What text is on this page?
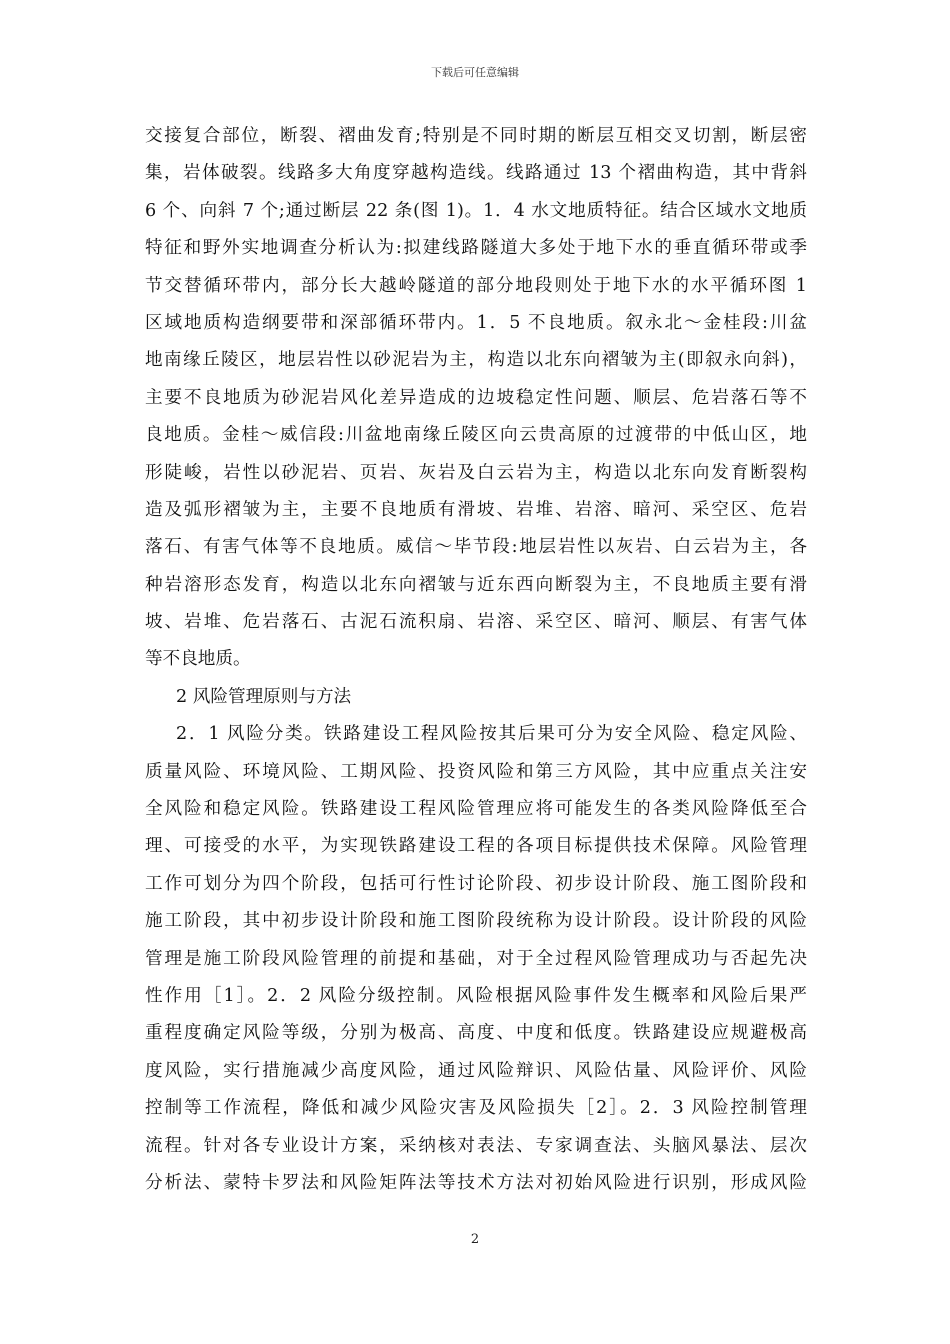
下载后可任意编辑
交接复合部位，断裂、褶曲发育;特别是不同时期的断层互相交叉切割，断层密
集，岩体破裂。线路多大角度穿越构造线。线路通过 13 个褶曲构造，其中背斜
6 个、向斜 7 个;通过断层 22 条(图 1)。1．4 水文地质特征。结合区域水文地质
特征和野外实地调查分析认为:拟建线路隧道大多处于地下水的垂直循环带或季
节交替循环带内，部分长大越岭隧道的部分地段则处于地下水的水平循环图 1
区域地质构造纲要带和深部循环带内。1．5 不良地质。叙永北～金桂段:川盆
地南缘丘陵区，地层岩性以砂泥岩为主，构造以北东向褶皱为主(即叙永向斜)，
主要不良地质为砂泥岩风化差异造成的边坡稳定性问题、顺层、危岩落石等不
良地质。金桂～威信段:川盆地南缘丘陵区向云贵高原的过渡带的中低山区，地
形陡峻，岩性以砂泥岩、页岩、灰岩及白云岩为主，构造以北东向发育断裂构
造及弧形褶皱为主，主要不良地质有滑坡、岩堆、岩溶、暗河、采空区、危岩
落石、有害气体等不良地质。威信～毕节段:地层岩性以灰岩、白云岩为主，各
种岩溶形态发育，构造以北东向褶皱与近东西向断裂为主，不良地质主要有滑
坡、岩堆、危岩落石、古泥石流积扇、岩溶、采空区、暗河、顺层、有害气体
等不良地质。
2 风险管理原则与方法
2．1 风险分类。铁路建设工程风险按其后果可分为安全风险、稳定风险、
质量风险、环境风险、工期风险、投资风险和第三方风险，其中应重点关注安
全风险和稳定风险。铁路建设工程风险管理应将可能发生的各类风险降低至合
理、可接受的水平，为实现铁路建设工程的各项目标提供技术保障。风险管理
工作可划分为四个阶段，包括可行性讨论阶段、初步设计阶段、施工图阶段和
施工阶段，其中初步设计阶段和施工图阶段统称为设计阶段。设计阶段的风险
管理是施工阶段风险管理的前提和基础，对于全过程风险管理成功与否起先决
性作用［1］。2．2 风险分级控制。风险根据风险事件发生概率和风险后果严
重程度确定风险等级，分别为极高、高度、中度和低度。铁路建设应规避极高
度风险，实行措施减少高度风险，通过风险辩识、风险估量、风险评价、风险
控制等工作流程，降低和减少风险灾害及风险损失［2］。2．3 风险控制管理
流程。针对各专业设计方案，采纳核对表法、专家调查法、头脑风暴法、层次
分析法、蒙特卡罗法和风险矩阵法等技术方法对初始风险进行识别，形成风险
2
